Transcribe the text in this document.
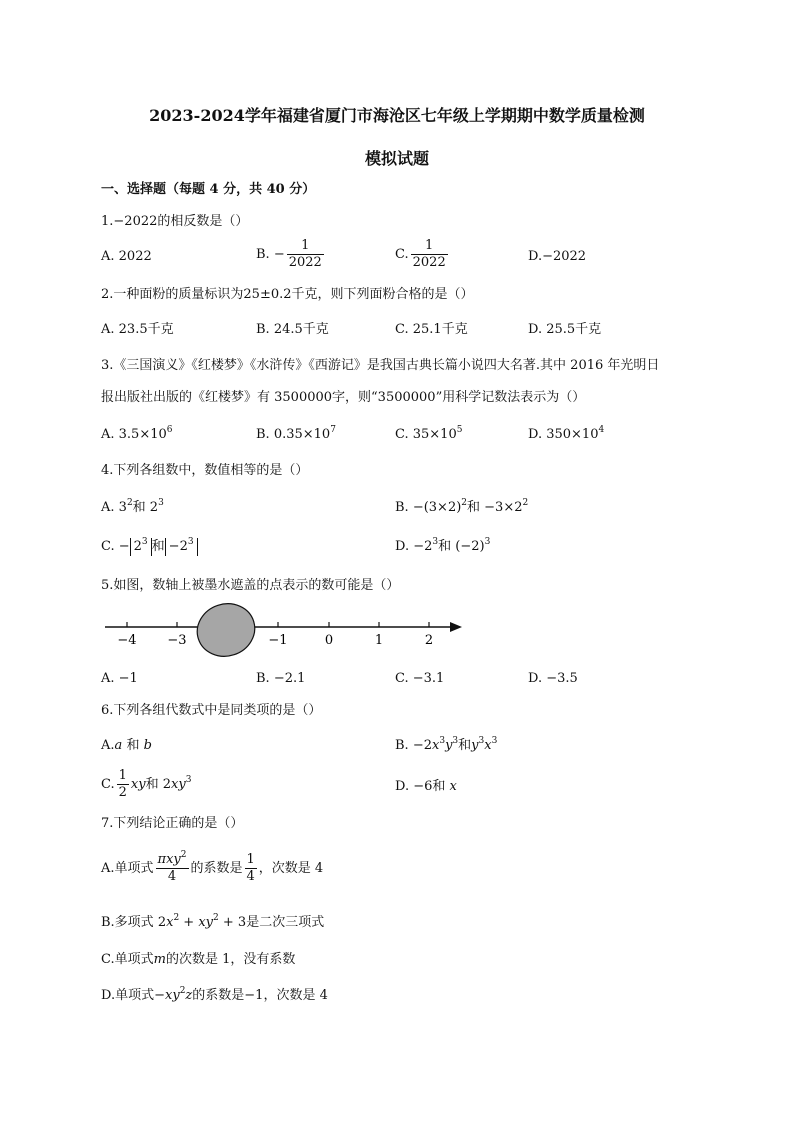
2023-2024学年福建省厦门市海沧区七年级上学期期中数学质量检测
模拟试题
一、选择题（每题 4 分，共 40 分）
1.−2022的相反数是（）
A. 2022	B. − $\frac{1}{2022}$	C. $\frac{1}{2022}$	D.−2022
2.一种面粉的质量标识为25±0.2千克，则下列面粉合格的是（）
A. 23.5千克	B. 24.5千克	C. 25.1千克	D. 25.5千克
3.《三国演义》《红楼梦》《水浒传》《西游记》是我国古典长篇小说四大名著.其中 2016 年光明日
报出版社出版的《红楼梦》有 3500000字，则“3500000”用科学记数法表示为（）
A. $3.5\times 10^6$	B. $0.35\times 10^7$	C. $35\times 10^5$	D. $350\times 10^4$
4.下列各组数中，数值相等的是（）
A. $3^2$和 $2^3$	B. $-(3\times 2)^2$和 $-3\times 2^2$
C. − $2^3$ 和 $-2^3$	D. $-2^3$和 $(-2)^3$
5.如图，数轴上被墨水遮盖的点表示的数可能是（）
−4 −3	−1	0	1	2
A. −1	B. −2.1	C. −3.1	D. −3.5
6.下列各组代数式中是同类项的是（）
A.a 和 b	B. $-2x^3y^3$和$y^3x^3$
C. $\frac{1}{2}$ xy和 $2xy^3$	D. −6和 x
7.下列结论正确的是（）
A.单项式 $\frac{\pi xy^2}{4}$ 的系数是 $\frac{1}{4}$ ，次数是 4
B.多项式 $2x^2 + xy^2 + 3$是二次三项式
C.单项式m的次数是 1，没有系数
D.单项式$-xy^2z$的系数是−1，次数是 4
